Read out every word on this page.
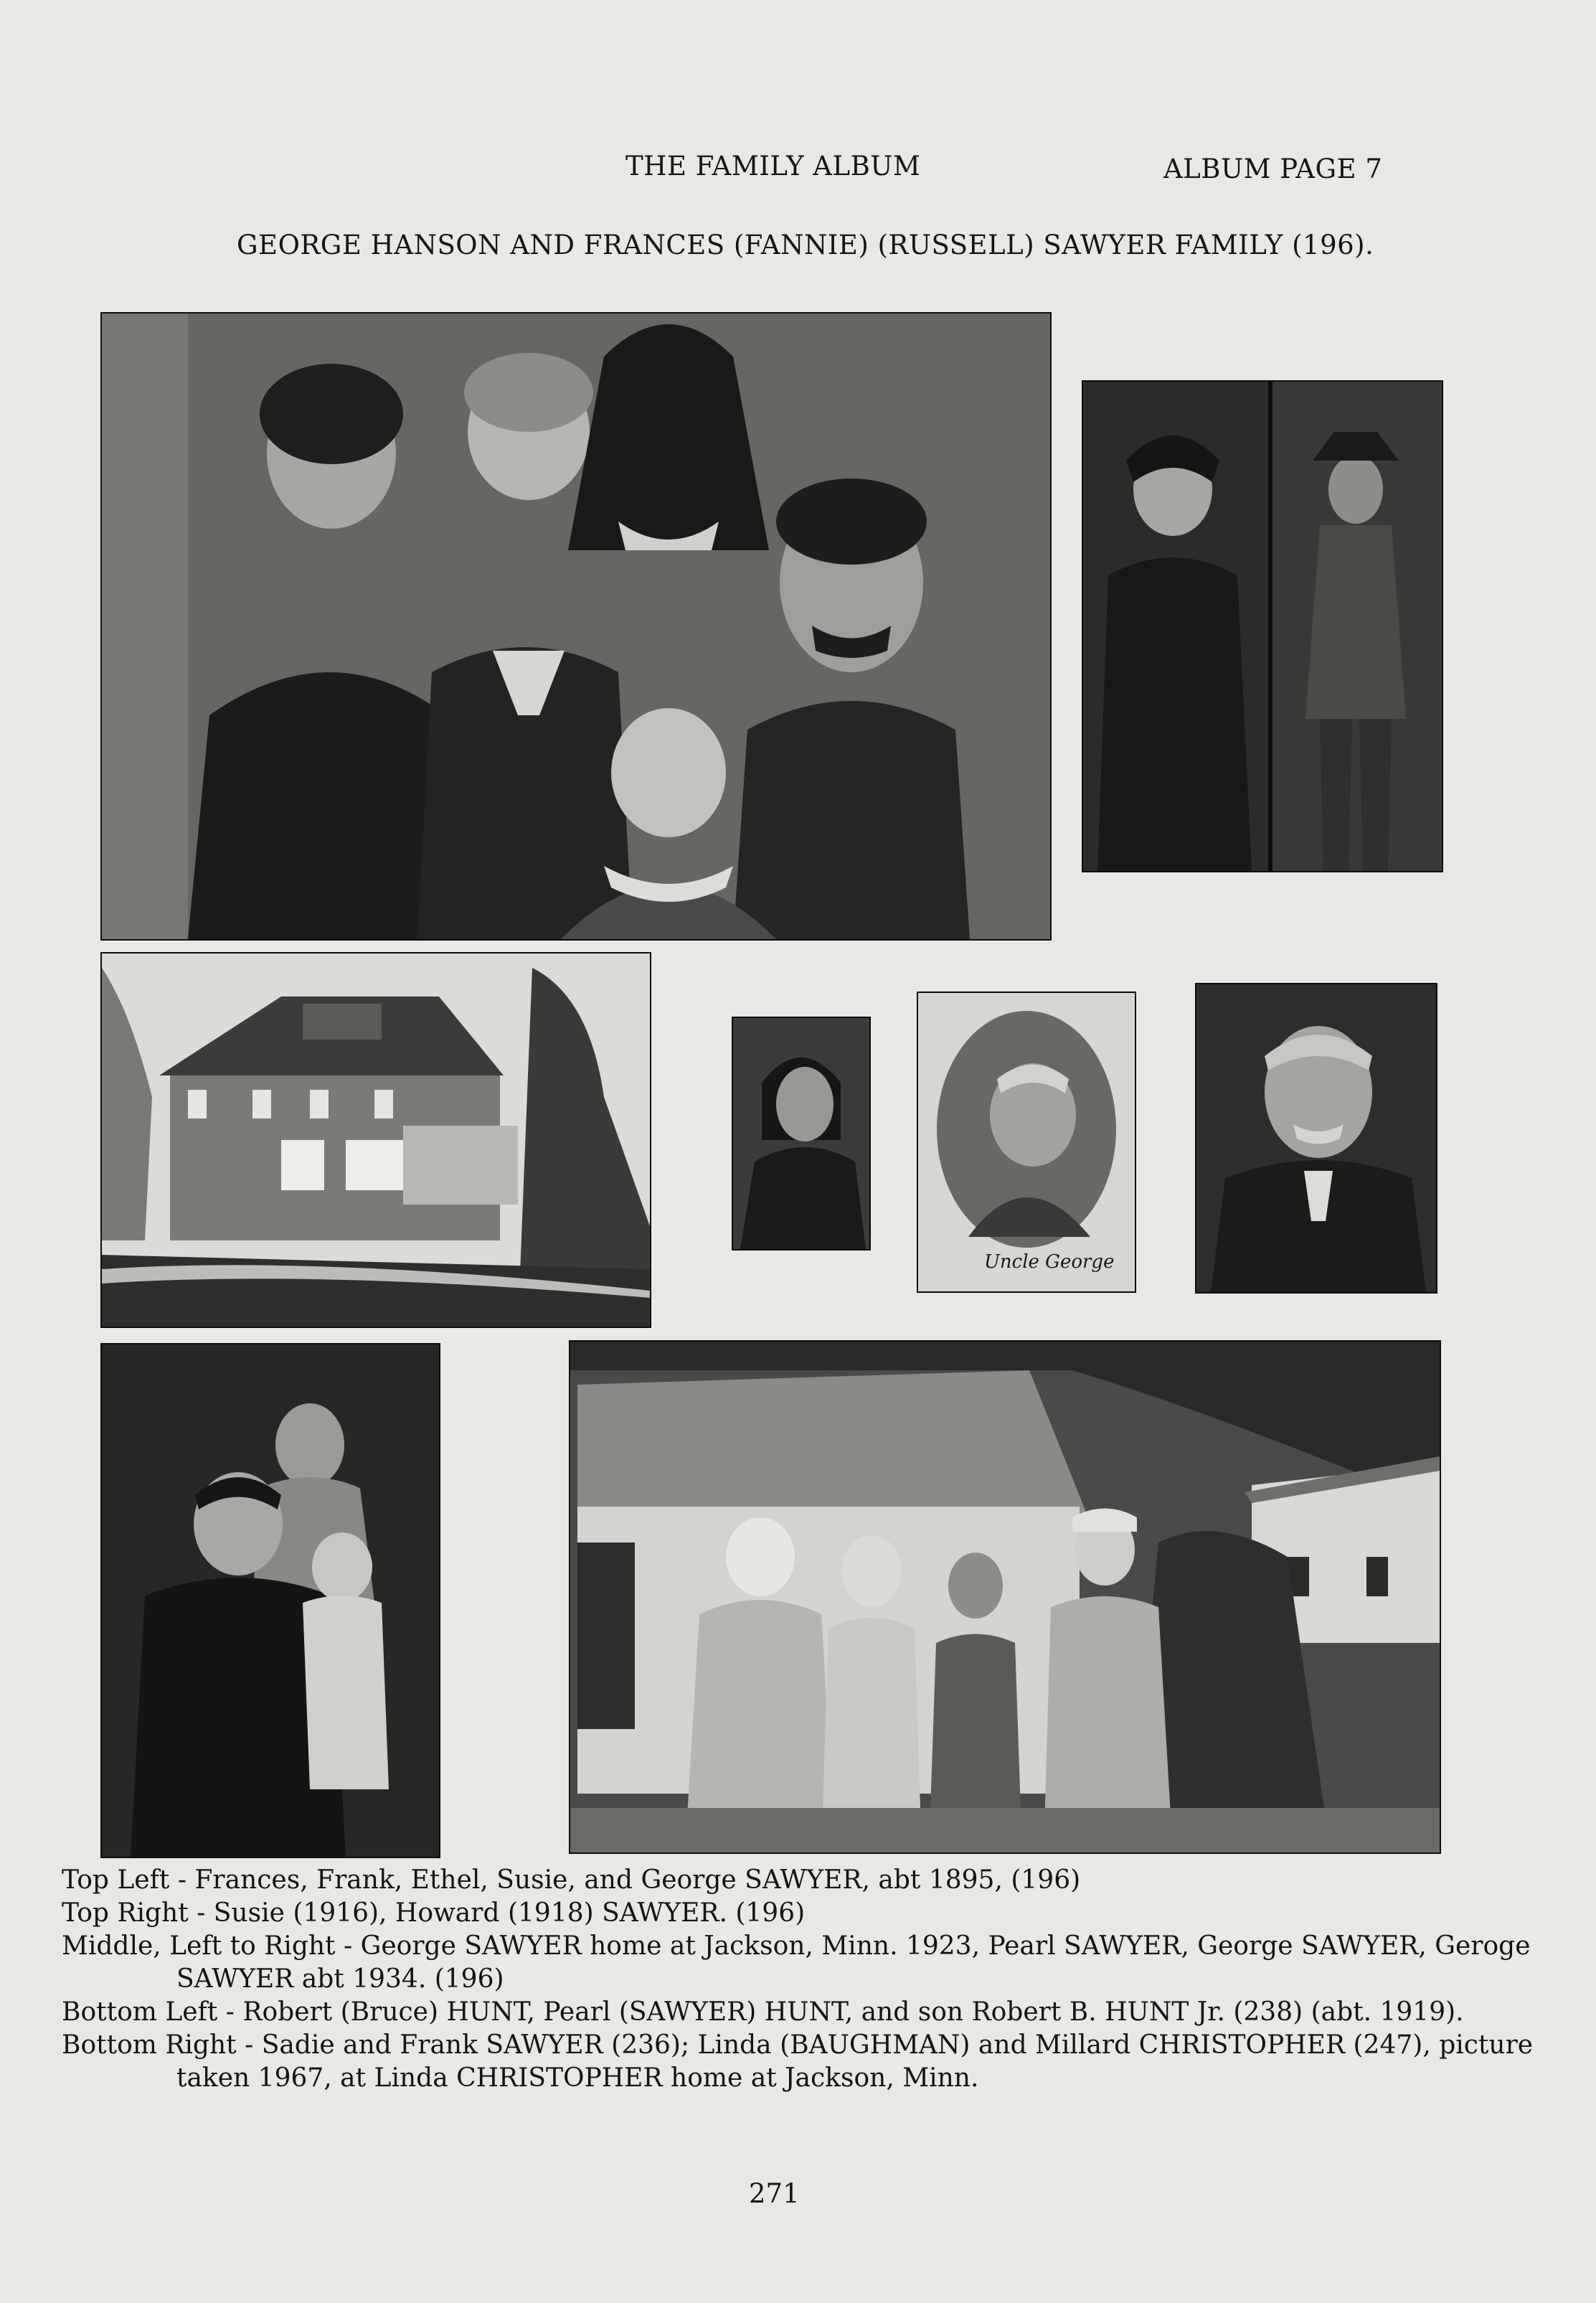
THE FAMILY ALBUM	ALBUM PAGE 7
GEORGE HANSON AND FRANCES (FANNIE) (RUSSELL) SAWYER FAMILY (196).
Uncle George

Top Left - Frances, Frank, Ethel, Susie, and George SAWYER, abt 1895, (196)

Top Right - Susie (1916), Howard (1918) SAWYER. (196)

Middle, Left to Right - George SAWYER home at Jackson, Minn. 1923, Pearl SAWYER, George SAWYER, Geroge SAWYER abt 1934. (196)

Bottom Left - Robert (Bruce) HUNT, Pearl (SAWYER) HUNT, and son Robert B. HUNT Jr. (238) (abt. 1919).

Bottom Right - Sadie and Frank SAWYER (236); Linda (BAUGHMAN) and Millard CHRISTOPHER (247), picture taken 1967, at Linda CHRISTOPHER home at Jackson, Minn.

271
